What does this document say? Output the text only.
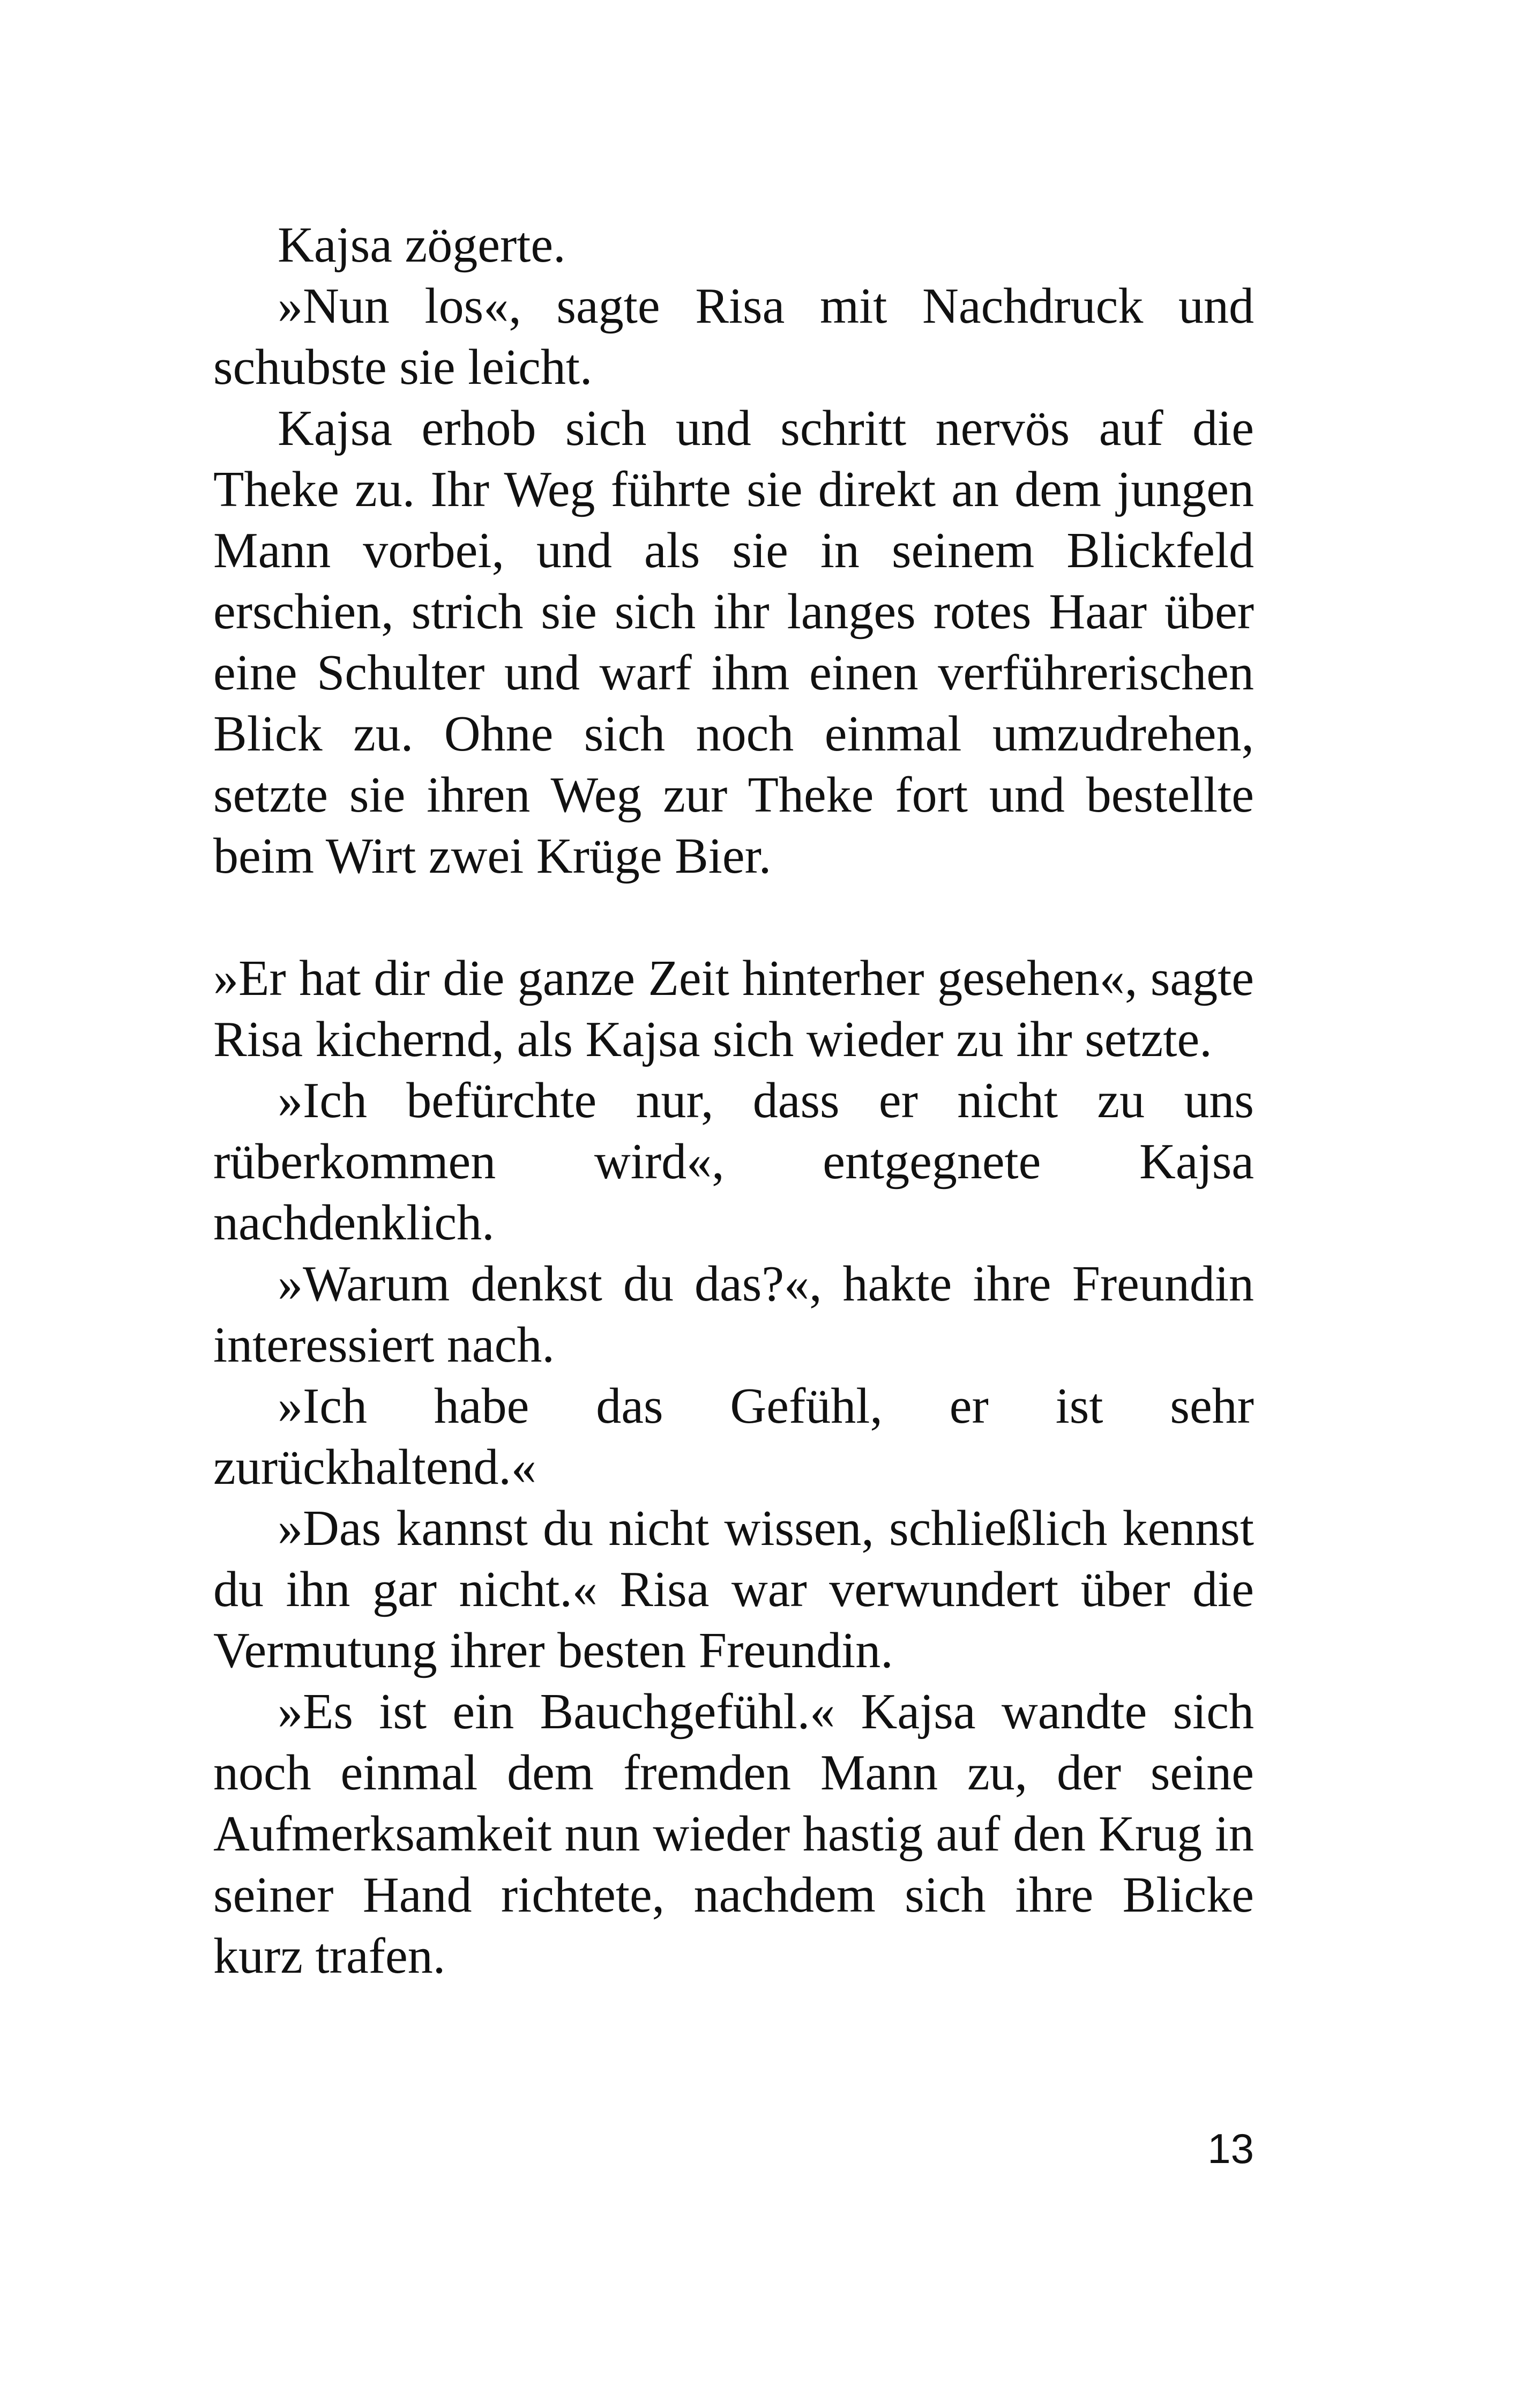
Kajsa zögerte.

»Nun los«, sagte Risa mit Nachdruck und schubste sie leicht.

Kajsa erhob sich und schritt nervös auf die Theke zu. Ihr Weg führte sie direkt an dem jungen Mann vorbei, und als sie in seinem Blickfeld erschien, strich sie sich ihr langes rotes Haar über eine Schulter und warf ihm einen verführerischen Blick zu. Ohne sich noch einmal umzudrehen, setzte sie ihren Weg zur Theke fort und bestellte beim Wirt zwei Krüge Bier.

»Er hat dir die ganze Zeit hinterher gesehen«, sagte Risa kichernd, als Kajsa sich wieder zu ihr setzte.

»Ich befürchte nur, dass er nicht zu uns rüberkommen wird«, entgegnete Kajsa nachdenklich.

»Warum denkst du das?«, hakte ihre Freundin interessiert nach.

»Ich habe das Gefühl, er ist sehr zurückhaltend.«

»Das kannst du nicht wissen, schließlich kennst du ihn gar nicht.« Risa war verwundert über die Vermutung ihrer besten Freundin.

»Es ist ein Bauchgefühl.« Kajsa wandte sich noch einmal dem fremden Mann zu, der seine Aufmerksamkeit nun wieder hastig auf den Krug in seiner Hand richtete, nachdem sich ihre Blicke kurz trafen.

13
